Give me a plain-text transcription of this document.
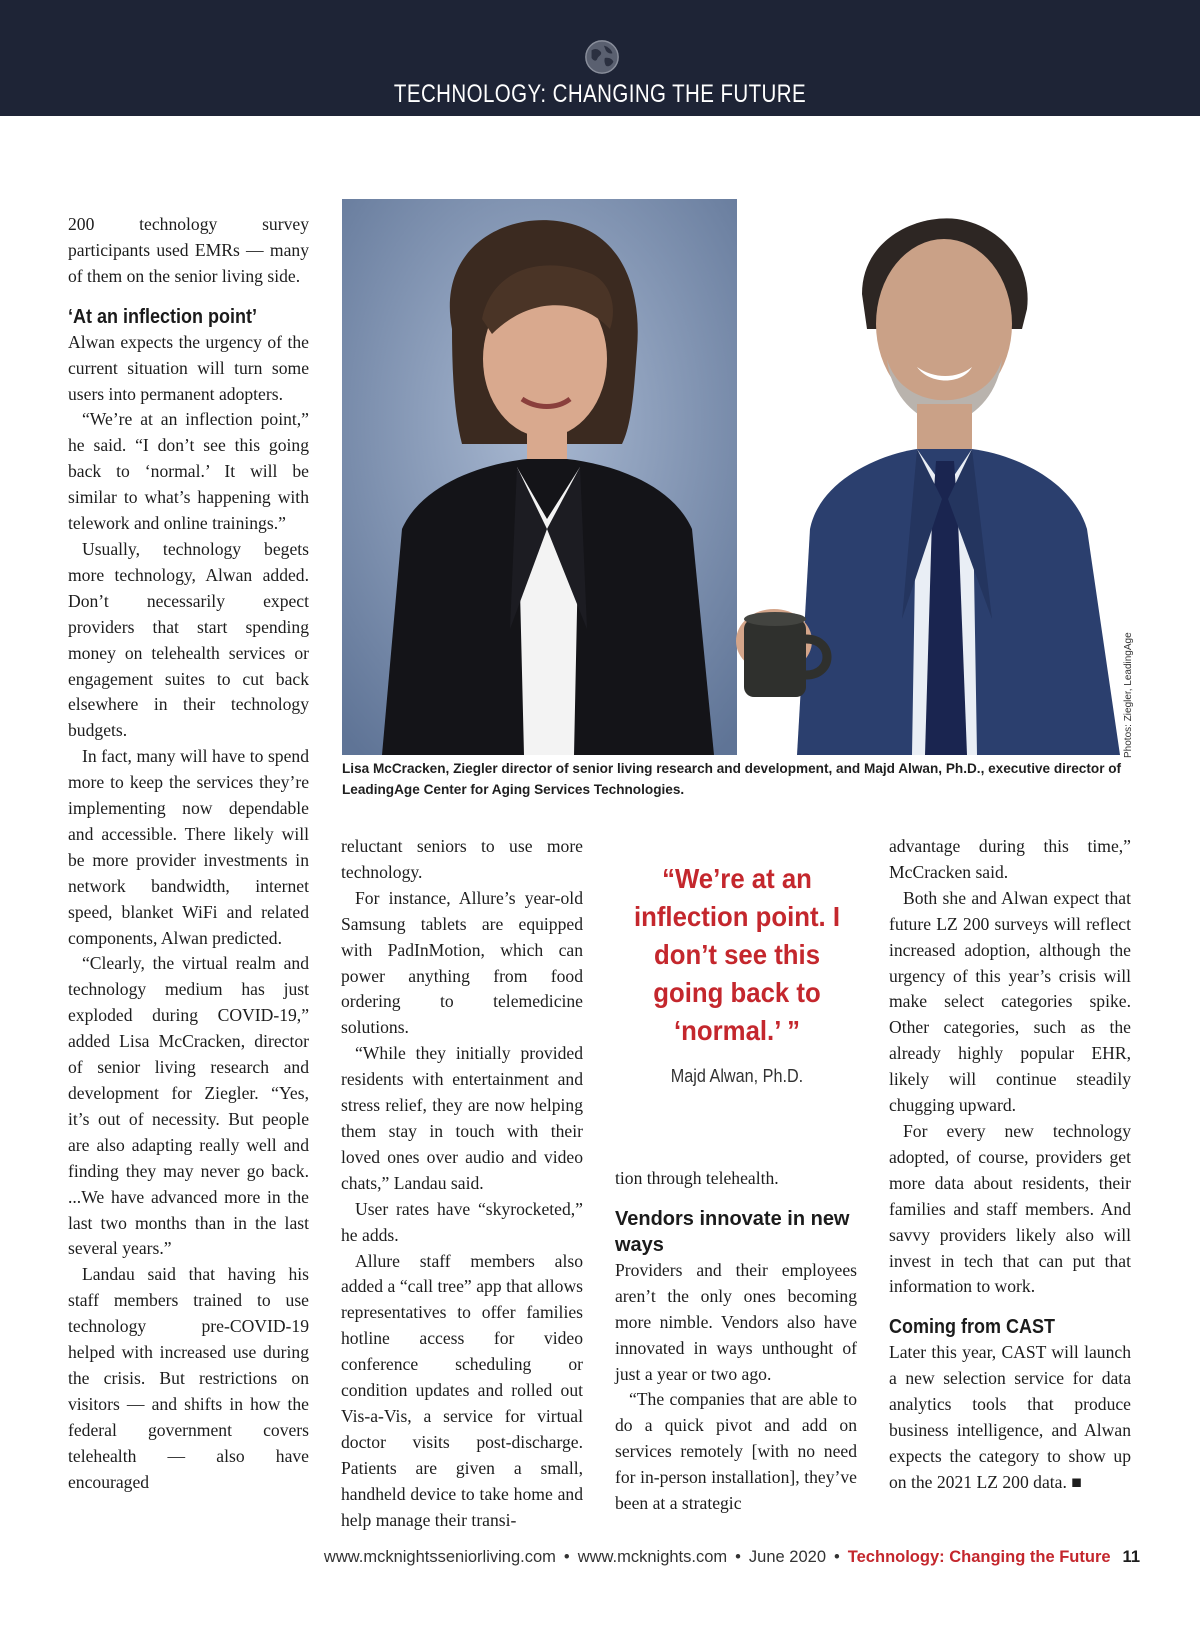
TECHNOLOGY: CHANGING THE FUTURE

200 technology survey participants used EMRs — many of them on the senior living side.

‘At an inflection point’

Alwan expects the urgency of the current situation will turn some users into permanent adopters.

“We’re at an inflection point,” he said. “I don’t see this going back to ‘normal.’ It will be similar to what’s happening with telework and online trainings.”

Usually, technology begets more technology, Alwan added. Don’t necessarily expect providers that start spending money on telehealth services or engagement suites to cut back elsewhere in their technology budgets.

In fact, many will have to spend more to keep the services they’re implementing now dependable and accessible. There likely will be more provider investments in network bandwidth, internet speed, blanket WiFi and related components, Alwan predicted.

“Clearly, the virtual realm and technology medium has just exploded during COVID-19,” added Lisa McCracken, director of senior living research and development for Ziegler. “Yes, it’s out of necessity. But people are also adapting really well and finding they may never go back. ...We have advanced more in the last two months than in the last several years.”

Landau said that having his staff members trained to use technology pre-COVID-19 helped with increased use during the crisis. But restrictions on visitors — and shifts in how the federal government covers telehealth — also have encouraged

Photos: Ziegler, LeadingAge
Lisa McCracken, Ziegler director of senior living research and development, and Majd Alwan, Ph.D., executive director of LeadingAge Center for Aging Services Technologies.

reluctant seniors to use more technology.

For instance, Allure’s year-old Samsung tablets are equipped with PadInMotion, which can power anything from food ordering to telemedicine solutions.

“While they initially provided residents with entertainment and stress relief, they are now helping them stay in touch with their loved ones over audio and video chats,” Landau said.

User rates have “skyrocketed,” he adds.

Allure staff members also added a “call tree” app that allows representatives to offer families hotline access for video conference scheduling or condition updates and rolled out Vis-a-Vis, a service for virtual doctor visits post-discharge. Patients are given a small, handheld device to take home and help manage their transi-

“We’re at an inflection point. I don’t see this going back to ‘normal.’ ”
Majd Alwan, Ph.D.

tion through telehealth.

Vendors innovate in new ways

Providers and their employees aren’t the only ones becoming more nimble. Vendors also have innovated in ways unthought of just a year or two ago.

“The companies that are able to do a quick pivot and add on services remotely [with no need for in-person installation], they’ve been at a strategic

advantage during this time,” McCracken said.

Both she and Alwan expect that future LZ 200 surveys will reflect increased adoption, although the urgency of this year’s crisis will make select categories spike. Other categories, such as the already highly popular EHR, likely will continue steadily chugging upward.

For every new technology adopted, of course, providers get more data about residents, their families and staff members. And savvy providers likely also will invest in tech that can put that information to work.

Coming from CAST

Later this year, CAST will launch a new selection service for data analytics tools that produce business intelligence, and Alwan expects the category to show up on the 2021 LZ 200 data. ■

www.mcknightsseniorliving.com • www.mcknights.com • June 2020 • Technology: Changing the Future 11
